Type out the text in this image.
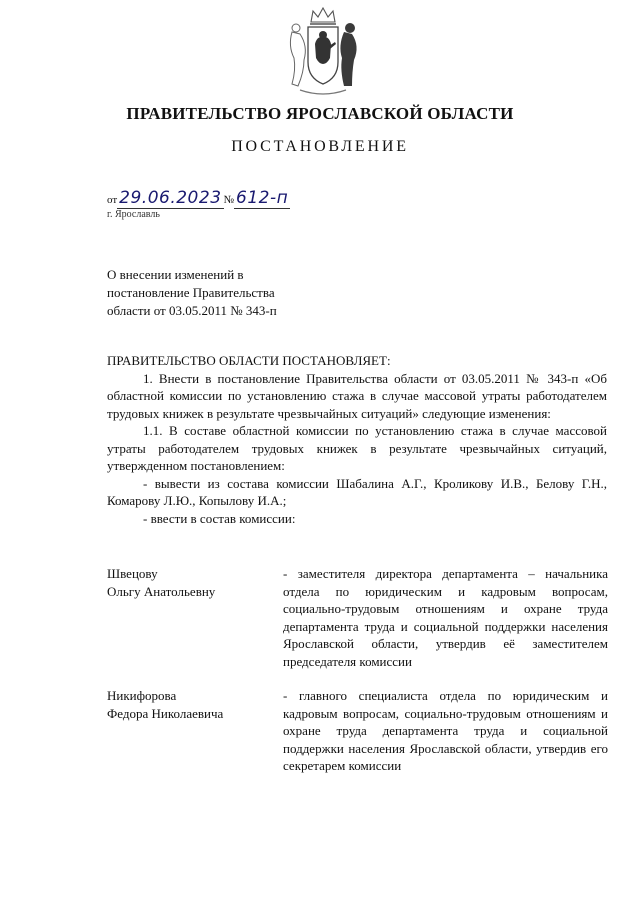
ПРАВИТЕЛЬСТВО ЯРОСЛАВСКОЙ ОБЛАСТИ
ПОСТАНОВЛЕНИЕ
от 29.06.2023 № 612-п
г. Ярославль
О внесении изменений в
постановление Правительства
области от 03.05.2011 № 343-п

ПРАВИТЕЛЬСТВО ОБЛАСТИ ПОСТАНОВЛЯЕТ:

1. Внести в постановление Правительства области от 03.05.2011 № 343-п «Об областной комиссии по установлению стажа в случае массовой утраты работодателем трудовых книжек в результате чрезвычайных ситуаций» следующие изменения:

1.1. В составе областной комиссии по установлению стажа в случае массовой утраты работодателем трудовых книжек в результате чрезвычайных ситуаций, утвержденном постановлением:

- вывести из состава комиссии Шабалина А.Г., Кроликову И.В., Белову Г.Н., Комарову Л.Ю., Копылову И.А.;

- ввести в состав комиссии:

Швецову
Ольгу Анатольевну
- заместителя директора департамента – начальника отдела по юридическим и кадровым вопросам, социально-трудовым отношениям и охране труда департамента труда и социальной поддержки населения Ярославской области, утвердив её заместителем председателя комиссии
Никифорова
Федора Николаевича
- главного специалиста отдела по юридическим и кадровым вопросам, социально-трудовым отношениям и охране труда департамента труда и социальной поддержки населения Ярославской области, утвердив его секретарем комиссии
